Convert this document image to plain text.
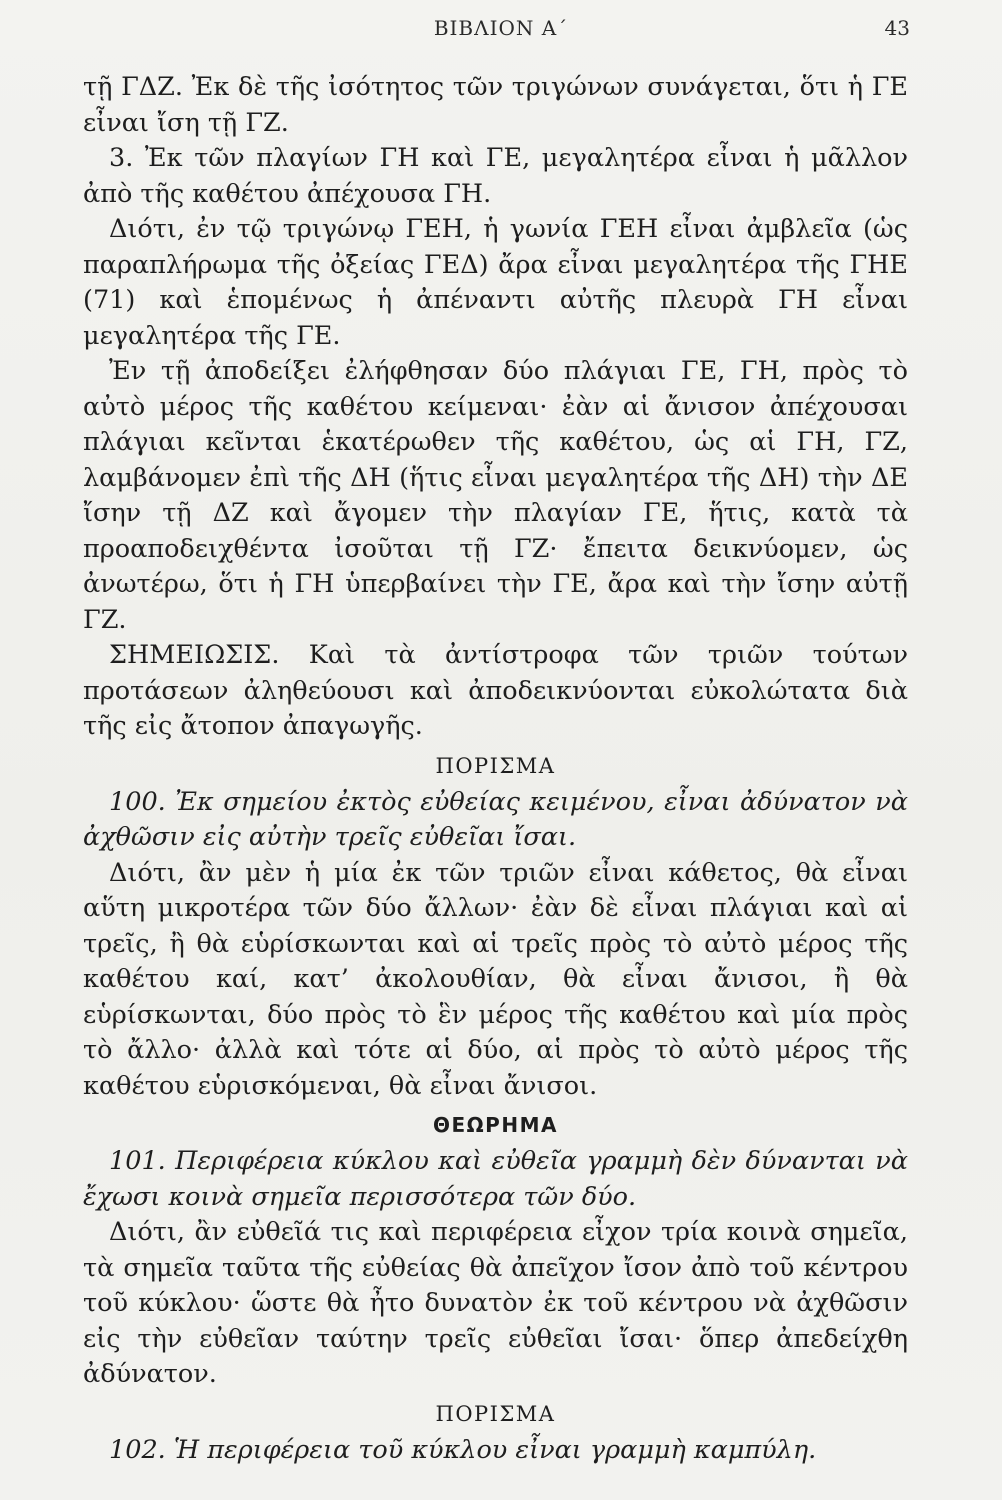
ΒΙΒΛΙΟΝ Α΄	43

τῇ ΓΔΖ. Ἐκ δὲ τῆς ἰσότητος τῶν τριγώνων συνάγεται, ὅτι ἡ ΓΕ εἶναι ἴση τῇ ΓΖ.

3. Ἐκ τῶν πλαγίων ΓΗ καὶ ΓΕ, μεγαλητέρα εἶναι ἡ μᾶλλον ἀπὸ τῆς καθέτου ἀπέχουσα ΓΗ.

Διότι, ἐν τῷ τριγώνῳ ΓΕΗ, ἡ γωνία ΓΕΗ εἶναι ἀμβλεῖα (ὡς παραπλήρωμα τῆς ὀξείας ΓΕΔ) ἄρα εἶναι μεγαλητέρα τῆς ΓΗΕ (71) καὶ ἑπομένως ἡ ἀπέναντι αὐτῆς πλευρὰ ΓΗ εἶναι μεγαλητέρα τῆς ΓΕ.

Ἐν τῇ ἀποδείξει ἐλήφθησαν δύο πλάγιαι ΓΕ, ΓΗ, πρὸς τὸ αὐτὸ μέρος τῆς καθέτου κείμεναι· ἐὰν αἱ ἄνισον ἀπέχουσαι πλάγιαι κεῖνται ἑκατέρωθεν τῆς καθέτου, ὡς αἱ ΓΗ, ΓΖ, λαμβάνομεν ἐπὶ τῆς ΔΗ (ἥτις εἶναι μεγαλητέρα τῆς ΔΗ) τὴν ΔΕ ἴσην τῇ ΔΖ καὶ ἄγομεν τὴν πλαγίαν ΓΕ, ἥτις, κατὰ τὰ προαποδειχθέντα ἰσοῦται τῇ ΓΖ· ἔπειτα δεικνύομεν, ὡς ἀνωτέρω, ὅτι ἡ ΓΗ ὑπερβαίνει τὴν ΓΕ, ἄρα καὶ τὴν ἴσην αὐτῇ ΓΖ.

ΣΗΜΕΙΩΣΙΣ. Καὶ τὰ ἀντίστροφα τῶν τριῶν τούτων προτάσεων ἀληθεύουσι καὶ ἀποδεικνύονται εὐκολώτατα διὰ τῆς εἰς ἄτοπον ἀπαγωγῆς.

ΠΟΡΙΣΜΑ

100. Ἐκ σημείου ἐκτὸς εὐθείας κειμένου, εἶναι ἀδύνατον νὰ ἀχθῶσιν εἰς αὐτὴν τρεῖς εὐθεῖαι ἴσαι.

Διότι, ἂν μὲν ἡ μία ἐκ τῶν τριῶν εἶναι κάθετος, θὰ εἶναι αὕτη μικροτέρα τῶν δύο ἄλλων· ἐὰν δὲ εἶναι πλάγιαι καὶ αἱ τρεῖς, ἢ θὰ εὑρίσκωνται καὶ αἱ τρεῖς πρὸς τὸ αὐτὸ μέρος τῆς καθέτου καί, κατ’ ἀκολουθίαν, θὰ εἶναι ἄνισοι, ἢ θὰ εὑρίσκωνται, δύο πρὸς τὸ ἓν μέρος τῆς καθέτου καὶ μία πρὸς τὸ ἄλλο· ἀλλὰ καὶ τότε αἱ δύο, αἱ πρὸς τὸ αὐτὸ μέρος τῆς καθέτου εὑρισκόμεναι, θὰ εἶναι ἄνισοι.

ΘΕΩΡΗΜΑ

101. Περιφέρεια κύκλου καὶ εὐθεῖα γραμμὴ δὲν δύνανται νὰ ἔχωσι κοινὰ σημεῖα περισσότερα τῶν δύο.

Διότι, ἂν εὐθεῖά τις καὶ περιφέρεια εἶχον τρία κοινὰ σημεῖα, τὰ σημεῖα ταῦτα τῆς εὐθείας θὰ ἀπεῖχον ἴσον ἀπὸ τοῦ κέντρου τοῦ κύκλου· ὥστε θὰ ἦτο δυνατὸν ἐκ τοῦ κέντρου νὰ ἀχθῶσιν εἰς τὴν εὐθεῖαν ταύτην τρεῖς εὐθεῖαι ἴσαι· ὅπερ ἀπεδείχθη ἀδύνατον.

ΠΟΡΙΣΜΑ

102. Ἡ περιφέρεια τοῦ κύκλου εἶναι γραμμὴ καμπύλη.
